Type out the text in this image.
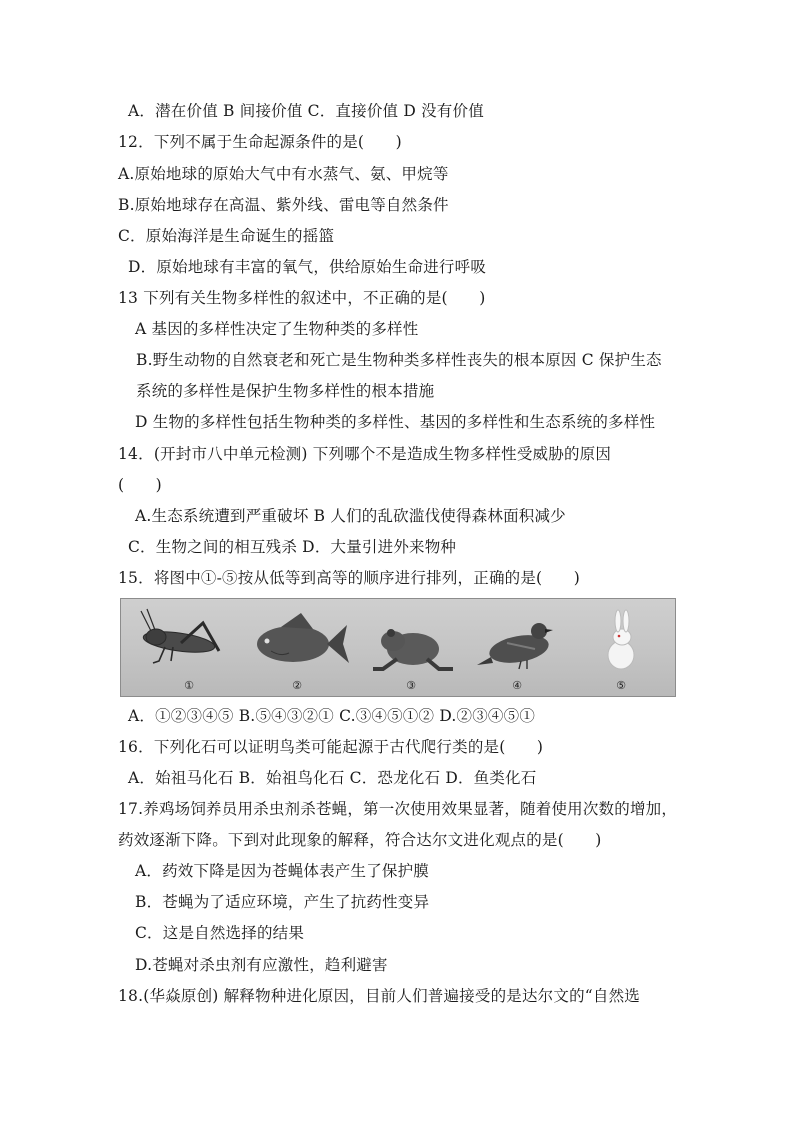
A．潜在价值 B 间接价值 C．直接价值 D 没有价值
12．下列不属于生命起源条件的是(　　)
A.原始地球的原始大气中有水蒸气、氨、甲烷等
B.原始地球存在高温、紫外线、雷电等自然条件
C．原始海洋是生命诞生的摇篮
D．原始地球有丰富的氧气，供给原始生命进行呼吸
13 下列有关生物多样性的叙述中，不正确的是(　　)
A 基因的多样性决定了生物种类的多样性
B.野生动物的自然衰老和死亡是生物种类多样性丧失的根本原因 C 保护生态
系统的多样性是保护生物多样性的根本措施
D 生物的多样性包括生物种类的多样性、基因的多样性和生态系统的多样性
14．(开封市八中单元检测) 下列哪个不是造成生物多样性受威胁的原因
(　　)
A.生态系统遭到严重破坏 B 人们的乱砍滥伐使得森林面积减少
C．生物之间的相互残杀 D．大量引进外来物种
15．将图中①-⑤按从低等到高等的顺序进行排列，正确的是(　　)
①	②	③	④	⑤
A．①②③④⑤ B.⑤④③②① C.③④⑤①② D.②③④⑤①
16．下列化石可以证明鸟类可能起源于古代爬行类的是(　　)
A．始祖马化石 B．始祖鸟化石 C．恐龙化石 D．鱼类化石
17.养鸡场饲养员用杀虫剂杀苍蝇，第一次使用效果显著，随着使用次数的增加，
药效逐渐下降。下到对此现象的解释，符合达尔文进化观点的是(　　)
A．药效下降是因为苍蝇体表产生了保护膜
B．苍蝇为了适应环境，产生了抗药性变异
C．这是自然选择的结果
D.苍蝇对杀虫剂有应激性，趋利避害
18.(华焱原创) 解释物种进化原因，目前人们普遍接受的是达尔文的“自然选
